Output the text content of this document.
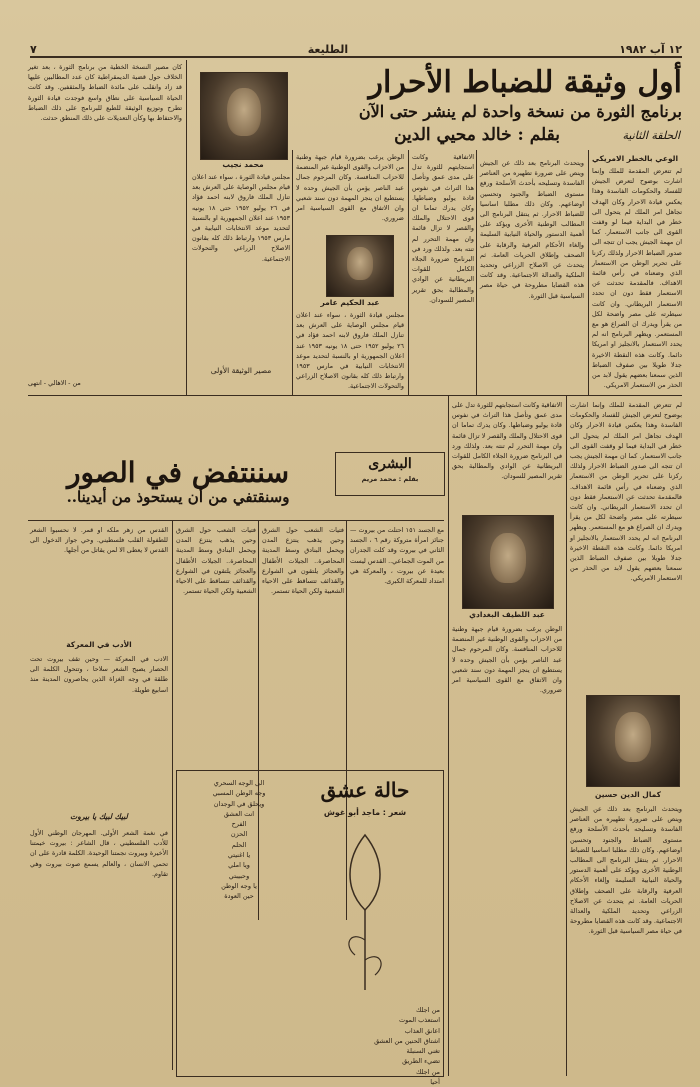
٧	الطليعة	١٢ آب ١٩٨٢
أول وثيقة للضباط الأحرار
برنامج الثورة من نسخة واحدة لم ينشر حتى الآن
بقلم : خالد محيي الدين	الحلقة الثانية
الوعي بالخطر الامريكي
لم تتعرض المقدمة للملك وإنما اشارت بوضوح لتعرض الجيش للفساد والحكومات الفاسدة وهذا يعكس قيادة الاحرار وكان الهدف تجاهل امر الملك لم يتحول الى خطر في البداية فيما لو وقفت القوى الى جانب الاستعمار. كما ان مهمة الجيش يجب ان تتجه الى صدور الضباط الاحرار ولذلك ركزنا على تحرير الوطن من الاستعمار الذي وضعناه في رأس قائمة الاهداف. فالمقدمة تحدثت عن الاستعمار فقط دون ان تحدد الاستعمار البريطاني. وان كانت سيطرته على مصر واضحة لكل من يقرأ ويدرك ان الصراع هو مع المستعمر. ويظهر البرنامج انه لم يحدد الاستعمار بالانجليز او امريكا دائما. وكانت هذه النقطة الاخيرة جدلا طويلا بين صفوف الضباط الذين سمعنا بعضهم يقول لابد من الحذر من الاستعمار الامريكي.
ويتحدث البرنامج بعد ذلك عن الجيش وينص على ضرورة تطهيره من العناصر الفاسدة وتسليحه بأحدث الأسلحة ورفع مستوى الضباط والجنود وتحسين اوضاعهم. وكان ذلك مطلبا اساسيا للضباط الاحرار. ثم ينتقل البرنامج الى المطالب الوطنية الأخرى ويؤكد على أهمية الدستور والحياة النيابية السليمة وإلغاء الأحكام العرفية والرقابة على الصحف وإطلاق الحريات العامة. ثم يتحدث عن الاصلاح الزراعي وتحديد الملكية والعدالة الاجتماعية. وقد كانت هذه القضايا مطروحة في حياة مصر السياسية قبل الثورة.
الاتفاقية وكانت استجابتهم للثورة تدل على مدى عمق وتأصل هذا التراث في نفوس قادة يوليو وضباطها. وكان يدرك تماما ان قوى الاحتلال والملك والقصر لا تزال قائمة وان مهمة التحرر لم تنته بعد. ولذلك ورد في البرنامج ضرورة الجلاء الكامل للقوات البريطانية عن الوادي والمطالبة بحق تقرير المصير للسودان.
الوطن يرغب بضرورة قيام جبهة وطنية من الاحزاب والقوى الوطنية غير المنضمة للاحزاب المنافسة. وكان المرحوم جمال عبد الناصر يؤمن بأن الجيش وحده لا يستطيع ان ينجز المهمة دون سند شعبي وان الاتفاق مع القوى السياسية امر ضروري.
عبد الحكيم عامر
مجلس قيادة الثورة ، سواء عند اعلان قيام مجلس الوصاية على العرش بعد تنازل الملك فاروق لابنه احمد فؤاد في ٢٦ يوليو ١٩٥٢ حتى ١٨ يونيه ١٩٥٣ عند اعلان الجمهورية او بالنسبة لتحديد موعد الانتخابات النيابية في مارس ١٩٥٣ وارتباط ذلك كله بقانون الاصلاح الزراعي والتحولات الاجتماعية.
محمد نجيب
مجلس قيادة الثورة ، سواء عند اعلان قيام مجلس الوصاية على العرش بعد تنازل الملك فاروق لابنه احمد فؤاد في ٢٦ يوليو ١٩٥٢ حتى ١٨ يونيه ١٩٥٣ عند اعلان الجمهورية او بالنسبة لتحديد موعد الانتخابات النيابية في مارس ١٩٥٣ وارتباط ذلك كله بقانون الاصلاح الزراعي والتحولات الاجتماعية.
مصير الوثيقة الأولى
كان مصير النسخة الخطية من برنامج الثورة ، بعد تغير الخلاف حول قضية الديمقراطية كان عدد المطالبين عليها قد زاد وانقلب على مائدة الضباط والمثقفين. وقد كانت الحياة السياسية على نطاق واسع فوجدت قيادة الثورة تطرح وتوزيع الوثيقة للطبع للبرنامج على ذلك الضباط والاحتفاظ بها وكأن التعديلات على ذلك المنطق حدثت.
من - الاهالي - انتهى
سننتفض في الصور
وسنقتفي من أن يستحوذ من أيدينا..
البشرى
بقلم : محمد مريم
مع الجسد ١٥١ احتلت من بيروت — جنائز امرأة متروكة رقم ٦ ، الجسد الثاني في بيروت وقد كلت الجدران من الموت الجماعي.. القدس ليست بعيدة عن بيروت ، والمعركة هي امتداد للمعركة الكبرى.
فتيات الشعب حول الشرق وحين يذهب ينتزع المدن ويحمل البنادق وسط المدينة المحاصرة.. الجيلات الأطفال والعجائز يلتقون في الشوارع والقذائف تتساقط على الاحياء الشعبية ولكن الحياة تستمر.
فتيات الشعب حول الشرق وحين يذهب ينتزع المدن ويحمل البنادق وسط المدينة المحاصرة.. الجيلات الأطفال والعجائز يلتقون في الشوارع والقذائف تتساقط على الاحياء الشعبية ولكن الحياة تستمر.
القدس من زهر ملكه او قمر. لا نحسبوا الشعر للطفولة القلب فلسطيني. وحي جواز الدخول الى القدس لا يعطى الا لمن يقاتل من أجلها.
الأدب في المعركة
الادب في المعركة — وحين تقف بيروت تحت الحصار يصبح الشعر سلاحا ، وتتحول الكلمة الى طلقة في وجه الغزاة الذين يحاصرون المدينة منذ اسابيع طويلة.
لبيك لبيك يا بيروت
في نغمة الشعر الأولى. المهرجان الوطني الأول للأدب الفلسطيني ، قال الشاعر : بيروت خيمتنا الأخيرة وبيروت نجمتنا الوحيدة. الكلمة قادرة على ان تحمي الانسان ، والعالم يسمع صوت بيروت وهي تقاوم.
حالة عشق
شعر : ماجد أبو غوش
الى الوجه السحري
وجه الوطن المسبي
ويحلق في الوجدان
انت العشق
الفرح
الحزن
الحلم
يا اغنيتي
ويا املي
وحبيبتي
يا وجه الوطن
حين العودة
من اجلك
استعذب الموت
اعانق العذاب
اشتاق الحنين من العشق
تغني السنبلة
تضيء الطريق
من اجلك
أحيا
لم تتعرض المقدمة للملك وإنما اشارت بوضوح لتعرض الجيش للفساد والحكومات الفاسدة وهذا يعكس قيادة الاحرار وكان الهدف تجاهل امر الملك لم يتحول الى خطر في البداية فيما لو وقفت القوى الى جانب الاستعمار. كما ان مهمة الجيش يجب ان تتجه الى صدور الضباط الاحرار ولذلك ركزنا على تحرير الوطن من الاستعمار الذي وضعناه في رأس قائمة الاهداف. فالمقدمة تحدثت عن الاستعمار فقط دون ان تحدد الاستعمار البريطاني. وان كانت سيطرته على مصر واضحة لكل من يقرأ ويدرك ان الصراع هو مع المستعمر. ويظهر البرنامج انه لم يحدد الاستعمار بالانجليز او امريكا دائما. وكانت هذه النقطة الاخيرة جدلا طويلا بين صفوف الضباط الذين سمعنا بعضهم يقول لابد من الحذر من الاستعمار الامريكي.
كمال الدين حسين
ويتحدث البرنامج بعد ذلك عن الجيش وينص على ضرورة تطهيره من العناصر الفاسدة وتسليحه بأحدث الأسلحة ورفع مستوى الضباط والجنود وتحسين اوضاعهم. وكان ذلك مطلبا اساسيا للضباط الاحرار. ثم ينتقل البرنامج الى المطالب الوطنية الأخرى ويؤكد على أهمية الدستور والحياة النيابية السليمة وإلغاء الأحكام العرفية والرقابة على الصحف وإطلاق الحريات العامة. ثم يتحدث عن الاصلاح الزراعي وتحديد الملكية والعدالة الاجتماعية. وقد كانت هذه القضايا مطروحة في حياة مصر السياسية قبل الثورة.
الاتفاقية وكانت استجابتهم للثورة تدل على مدى عمق وتأصل هذا التراث في نفوس قادة يوليو وضباطها. وكان يدرك تماما ان قوى الاحتلال والملك والقصر لا تزال قائمة وان مهمة التحرر لم تنته بعد. ولذلك ورد في البرنامج ضرورة الجلاء الكامل للقوات البريطانية عن الوادي والمطالبة بحق تقرير المصير للسودان.
عبد اللطيف البغدادي
الوطن يرغب بضرورة قيام جبهة وطنية من الاحزاب والقوى الوطنية غير المنضمة للاحزاب المنافسة. وكان المرحوم جمال عبد الناصر يؤمن بأن الجيش وحده لا يستطيع ان ينجز المهمة دون سند شعبي وان الاتفاق مع القوى السياسية امر ضروري.
